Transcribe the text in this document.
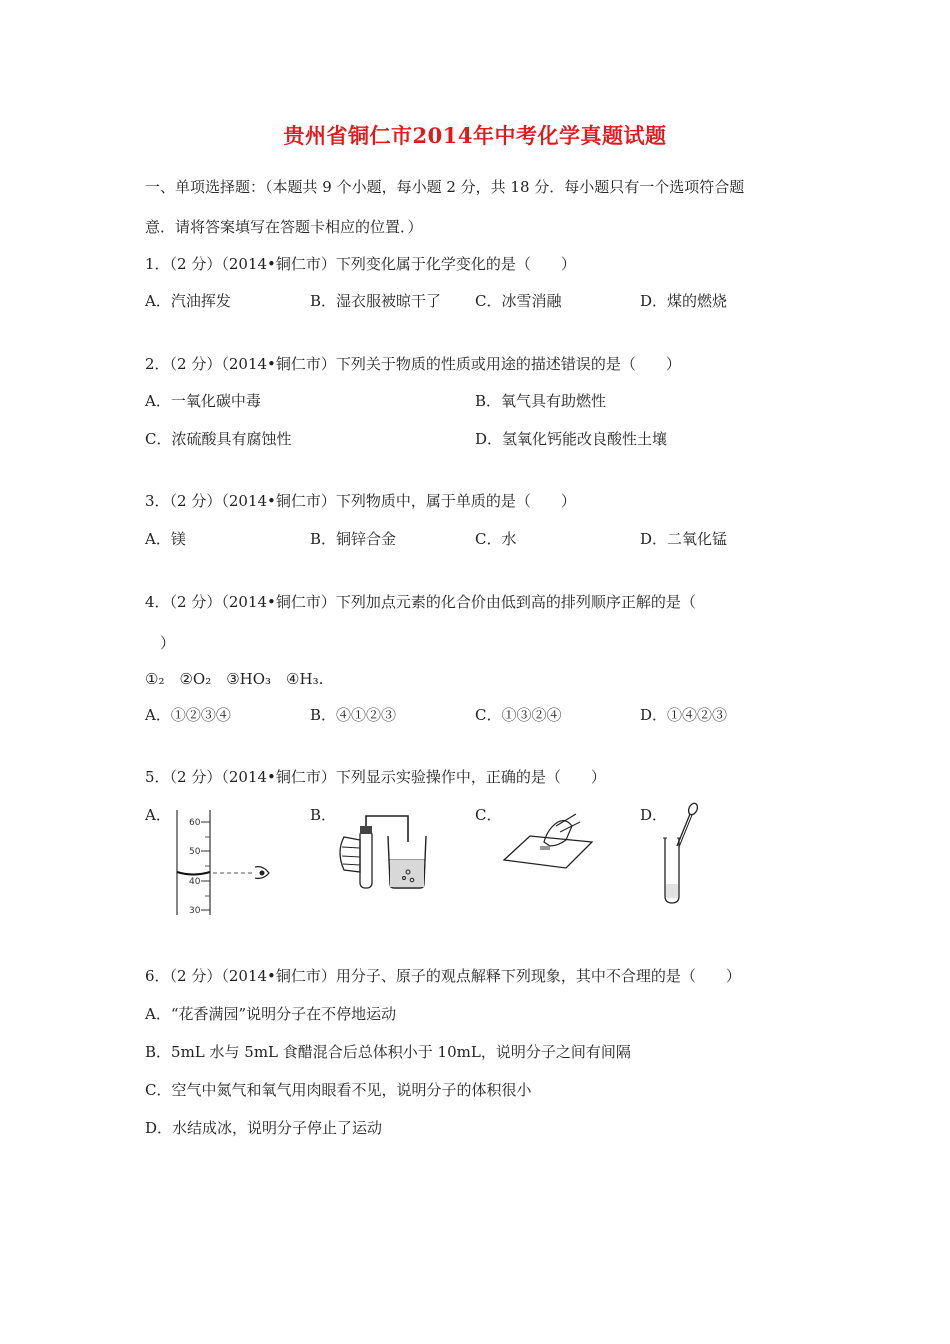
贵州省铜仁市2014年中考化学真题试题
一、单项选择题：（本题共 9 个小题，每小题 2 分，共 18 分．每小题只有一个选项符合题
意．请将答案填写在答题卡相应的位置．）
1．（2 分）（2014•铜仁市）下列变化属于化学变化的是（　　）
A．汽油挥发	B．湿衣服被晾干了 C．冰雪消融	D．煤的燃烧
2．（2 分）（2014•铜仁市）下列关于物质的性质或用途的描述错误的是（　　）
A．一氧化碳中毒	B．氧气具有助燃性
C．浓硫酸具有腐蚀性	D．氢氧化钙能改良酸性土壤
3．（2 分）（2014•铜仁市）下列物质中，属于单质的是（　　）
A．镁	B．铜锌合金	C．水	D．二氧化锰
4．（2 分）（2014•铜仁市）下列加点元素的化合价由低到高的排列顺序正解的是（
）
①₂　②O₂　③HO₃　④H₃.
A．①②③④	B．④①②③	C．①③②④	D．①④②③
5．（2 分）（2014•铜仁市）下列显示实验操作中，正确的是（　　）
A．	B．	C．	D．
60
50
40
30
6．（2 分）（2014•铜仁市）用分子、原子的观点解释下列现象，其中不合理的是（　　）
A．“花香满园”说明分子在不停地运动
B．5mL 水与 5mL 食醋混合后总体积小于 10mL，说明分子之间有间隔
C．空气中氮气和氧气用肉眼看不见，说明分子的体积很小
D．水结成冰，说明分子停止了运动
